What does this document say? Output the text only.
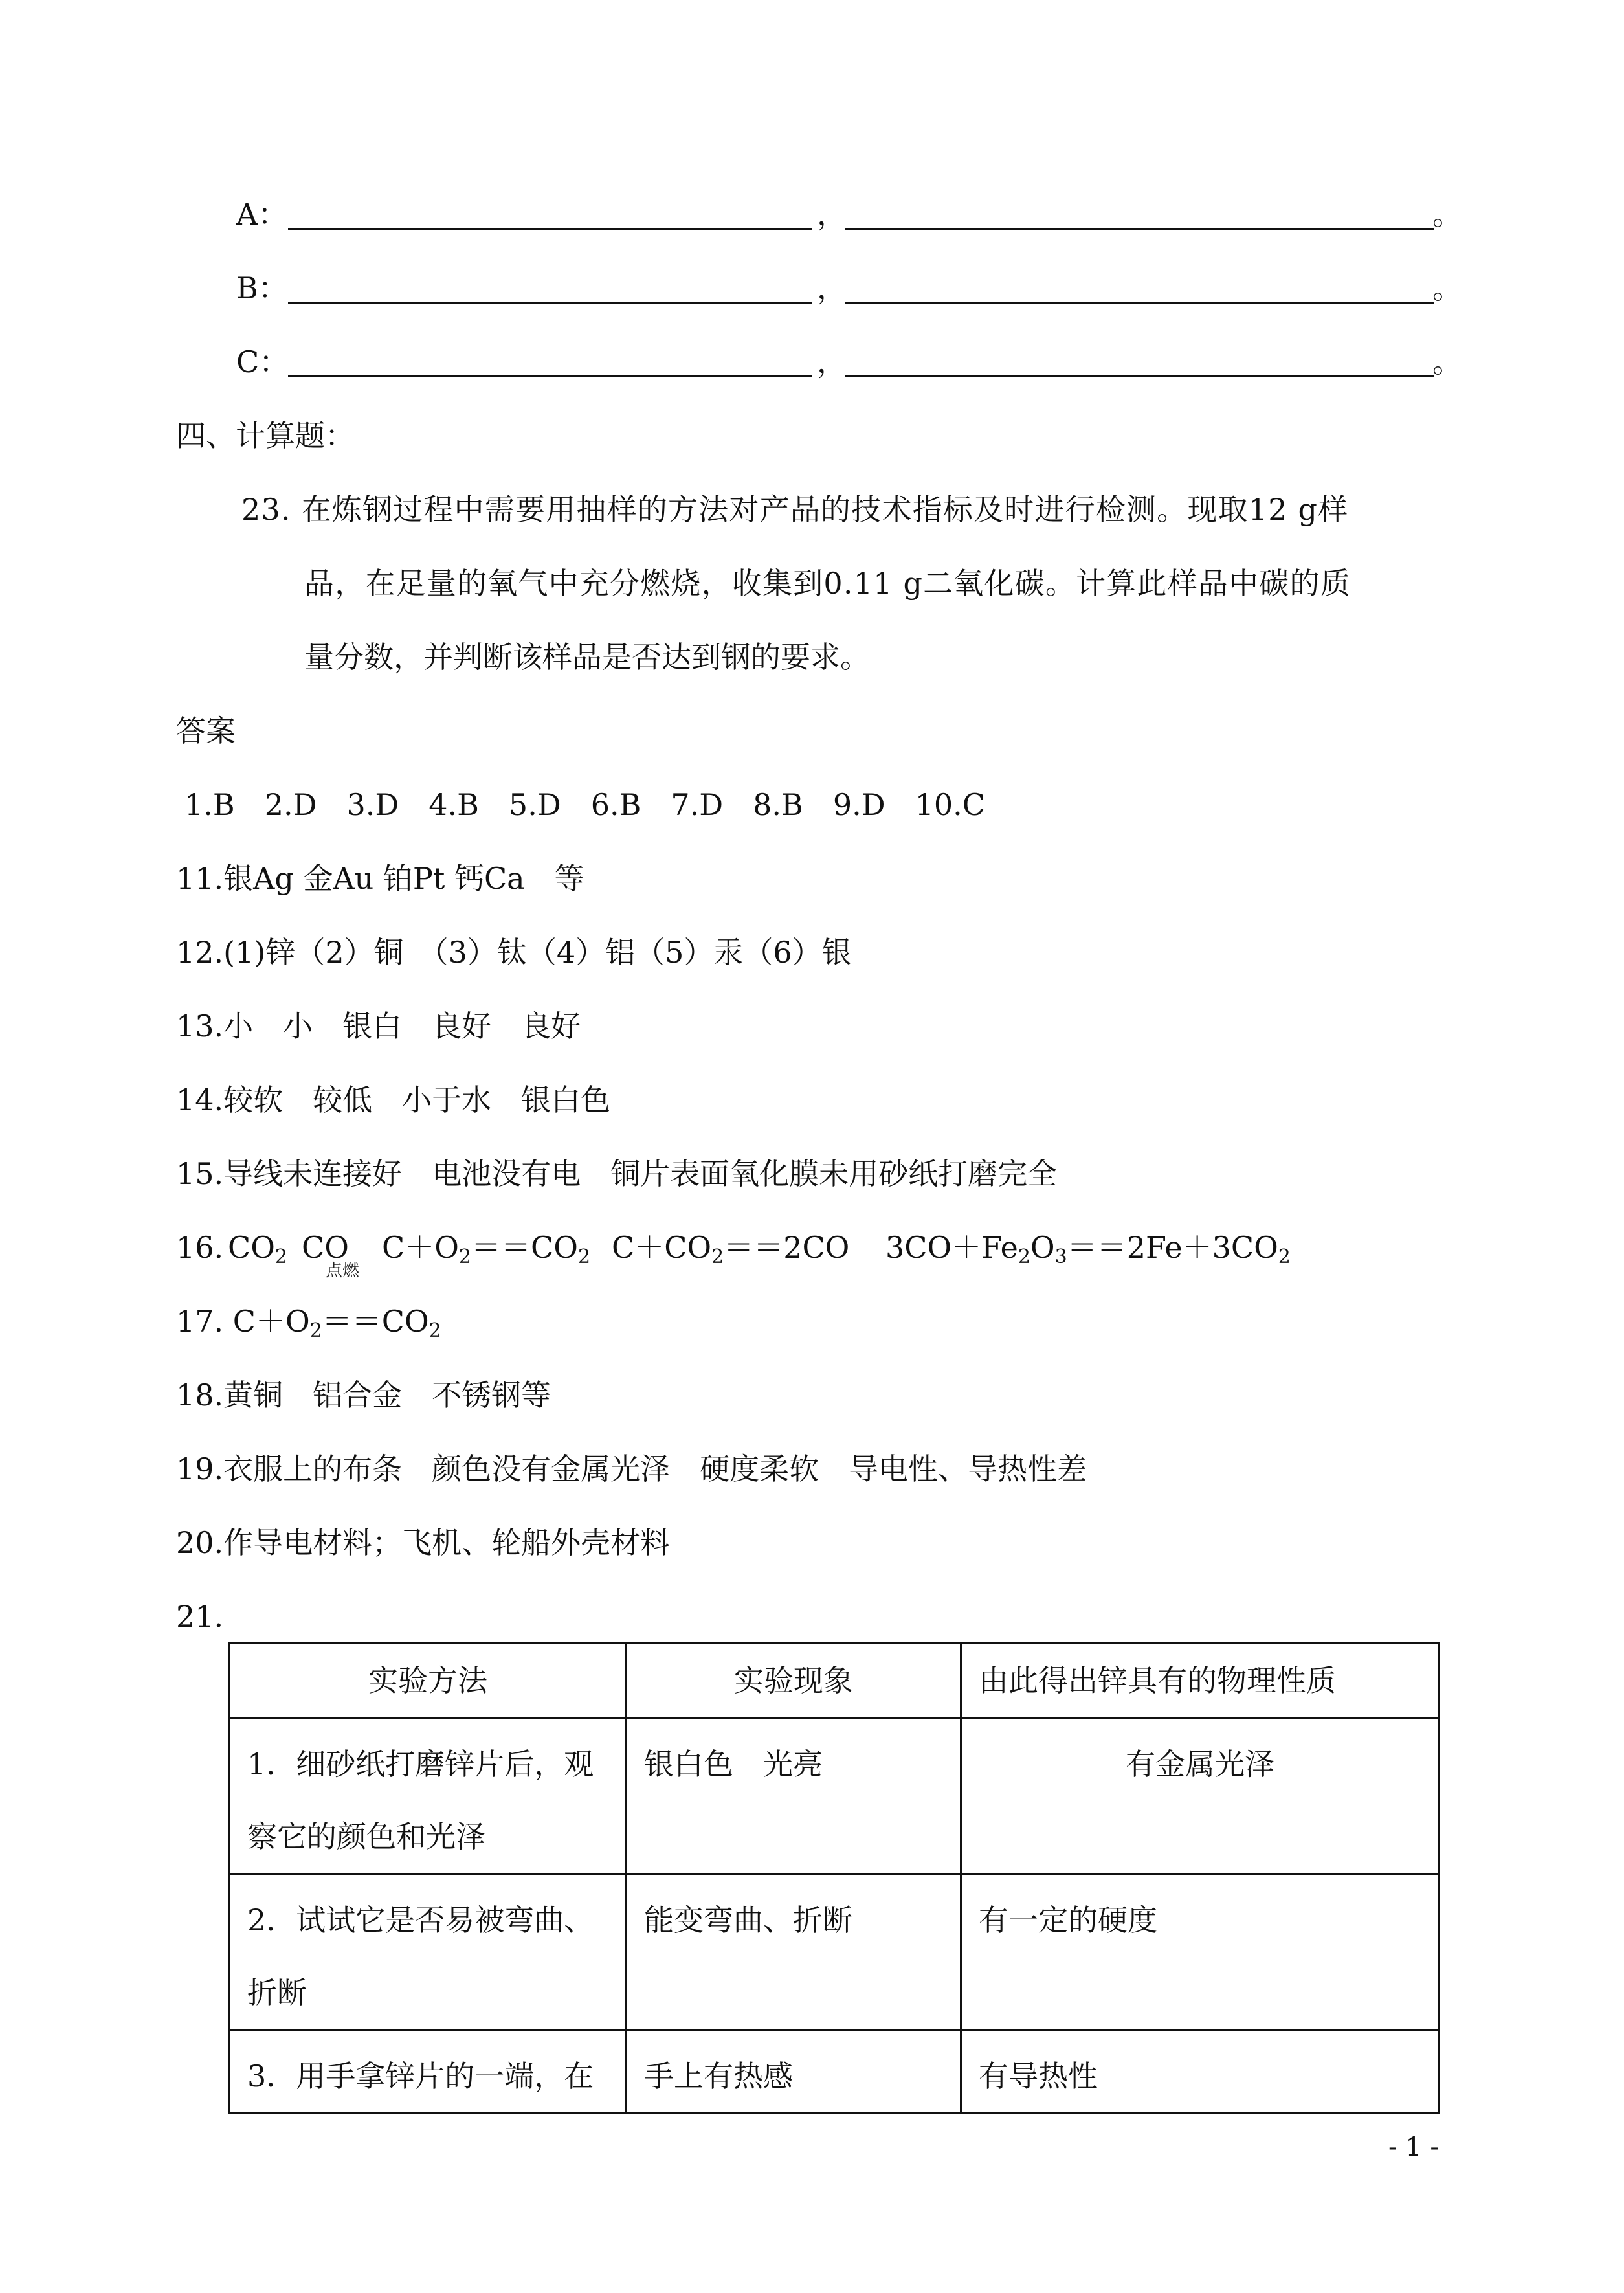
A：	，	。
B：	，	。
C：	，	。
四、计算题：
23. 在炼钢过程中需要用抽样的方法对产品的技术指标及时进行检测。现取12 g样
品，在足量的氧气中充分燃烧，收集到0.11 g二氧化碳。计算此样品中碳的质
量分数，并判断该样品是否达到钢的要求。
答案
1.B　2.D　3.D　4.B　5.D　6.B　7.D　8.B　9.D　10.C
11.银Ag 金Au 铂Pt 钙Ca　等
12.(1)锌（2）铜　（3）钛（4）铝（5）汞（6）银
13.小　小　银白　良好　良好
14.较软　较低　小于水　银白色
15.导线未连接好　电池没有电　铜片表面氧化膜未用砂纸打磨完全
16. $CO_2$ CO
点燃
$C+O_2==CO_2$ $C+CO_2==2CO$ $3CO+Fe_2O_3==2Fe+3CO_2$
17. $C+O_2==CO_2$
18.黄铜　铝合金　不锈钢等
19.衣服上的布条　颜色没有金属光泽　硬度柔软　导电性、导热性差
20.作导电材料；飞机、轮船外壳材料
21.
实验方法	实验现象	由此得出锌具有的物理性质
1．细砂纸打磨锌片后，观察它的颜色和光泽	银白色　光亮	有金属光泽
2．试试它是否易被弯曲、折断	能变弯曲、折断	有一定的硬度
3．用手拿锌片的一端，在	手上有热感	有导热性
- 1 -
